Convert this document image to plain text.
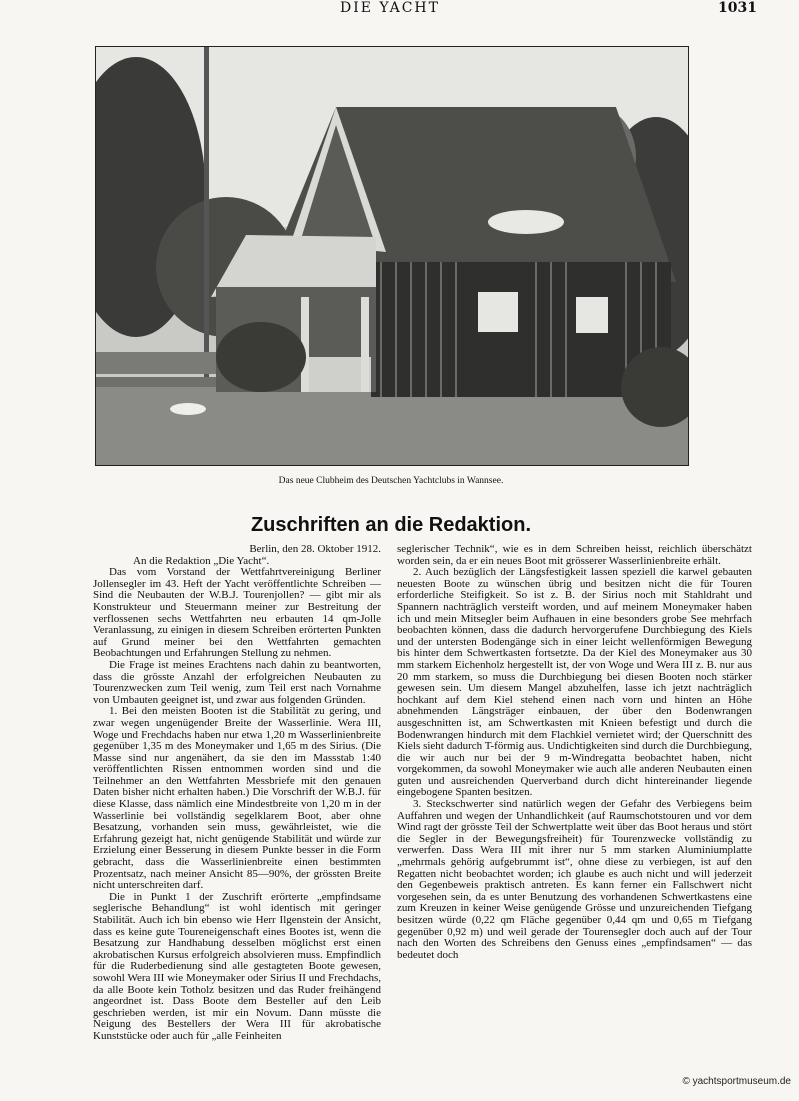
DIE YACHT	1031
Das neue Clubheim des Deutschen Yachtclubs in Wannsee.
Zuschriften an die Redaktion.

Berlin, den 28. Oktober 1912.

An die Redaktion „Die Yacht“.

Das vom Vorstand der Wettfahrtvereinigung Berliner Jollensegler im 43. Heft der Yacht veröffentlichte Schreiben — Sind die Neubauten der W.B.J. Tourenjollen? — gibt mir als Konstrukteur und Steuermann meiner zur Bestreitung der verflossenen sechs Wettfahrten neu erbauten 14 qm-Jolle Veranlassung, zu einigen in diesem Schreiben erörterten Punkten auf Grund meiner bei den Wettfahrten gemachten Beobachtungen und Erfahrungen Stellung zu nehmen.

Die Frage ist meines Erachtens nach dahin zu beantworten, dass die grösste Anzahl der erfolgreichen Neubauten zu Tourenzwecken zum Teil wenig, zum Teil erst nach Vornahme von Umbauten geeignet ist, und zwar aus folgenden Gründen.

1. Bei den meisten Booten ist die Stabilität zu gering, und zwar wegen ungenügender Breite der Wasserlinie. Wera III, Woge und Frechdachs haben nur etwa 1,20 m Wasserlinienbreite gegenüber 1,35 m des Moneymaker und 1,65 m des Sirius. (Die Masse sind nur angenähert, da sie den im Massstab 1:40 veröffentlichten Rissen entnommen worden sind und die Teilnehmer an den Wettfahrten Messbriefe mit den genauen Daten bisher nicht erhalten haben.) Die Vorschrift der W.B.J. für diese Klasse, dass nämlich eine Mindestbreite von 1,20 m in der Wasserlinie bei vollständig segelklarem Boot, aber ohne Besatzung, vorhanden sein muss, gewährleistet, wie die Erfahrung gezeigt hat, nicht genügende Stabilität und würde zur Erzielung einer Besserung in diesem Punkte besser in die Form gebracht, dass die Wasserlinienbreite einen bestimmten Prozentsatz, nach meiner Ansicht 85—90%, der grössten Breite nicht unterschreiten darf.

Die in Punkt 1 der Zuschrift erörterte „empfindsame seglerische Behandlung“ ist wohl identisch mit geringer Stabilität. Auch ich bin ebenso wie Herr Ilgenstein der Ansicht, dass es keine gute Toureneigenschaft eines Bootes ist, wenn die Besatzung zur Handhabung desselben möglichst erst einen akrobatischen Kursus erfolgreich absolvieren muss. Empfindlich für die Ruderbedienung sind alle gestagteten Boote gewesen, sowohl Wera III wie Moneymaker oder Sirius II und Frechdachs, da alle Boote kein Totholz besitzen und das Ruder freihängend angeordnet ist. Dass Boote dem Besteller auf den Leib geschrieben werden, ist mir ein Novum. Dann müsste die Neigung des Bestellers der Wera III für akrobatische Kunststücke oder auch für „alle Feinheiten

seglerischer Technik“, wie es in dem Schreiben heisst, reichlich überschätzt worden sein, da er ein neues Boot mit grösserer Wasserlinienbreite erhält.

2. Auch bezüglich der Längsfestigkeit lassen speziell die karwel gebauten neuesten Boote zu wünschen übrig und besitzen nicht die für Touren erforderliche Steifigkeit. So ist z. B. der Sirius noch mit Stahldraht und Spannern nachträglich versteift worden, und auf meinem Moneymaker haben ich und mein Mitsegler beim Aufhauen in eine besonders grobe See mehrfach beobachten können, dass die dadurch hervorgerufene Durchbiegung des Kiels und der untersten Bodengänge sich in einer leicht wellenförmigen Bewegung bis hinter dem Schwertkasten fortsetzte. Da der Kiel des Moneymaker aus 30 mm starkem Eichenholz hergestellt ist, der von Woge und Wera III z. B. nur aus 20 mm starkem, so muss die Durchbiegung bei diesen Booten noch stärker gewesen sein. Um diesem Mangel abzuhelfen, lasse ich jetzt nachträglich hochkant auf dem Kiel stehend einen nach vorn und hinten an Höhe abnehmenden Längsträger einbauen, der über den Bodenwrangen ausgeschnitten ist, am Schwertkasten mit Knieen befestigt und durch die Bodenwrangen hindurch mit dem Flachkiel vernietet wird; der Querschnitt des Kiels sieht dadurch T-förmig aus. Undichtigkeiten sind durch die Durchbiegung, die wir auch nur bei der 9 m-Windregatta beobachtet haben, nicht vorgekommen, da sowohl Moneymaker wie auch alle anderen Neubauten einen guten und ausreichenden Querverband durch dicht hintereinander liegende eingebogene Spanten besitzen.

3. Steckschwerter sind natürlich wegen der Gefahr des Verbiegens beim Auffahren und wegen der Unhandlichkeit (auf Raumschotstouren und vor dem Wind ragt der grösste Teil der Schwertplatte weit über das Boot heraus und stört die Segler in der Bewegungsfreiheit) für Tourenzwecke vollständig zu verwerfen. Dass Wera III mit ihrer nur 5 mm starken Aluminiumplatte „mehrmals gehörig aufgebrummt ist“, ohne diese zu verbiegen, ist auf den Regatten nicht beobachtet worden; ich glaube es auch nicht und will jederzeit den Gegenbeweis praktisch antreten. Es kann ferner ein Fallschwert nicht vorgesehen sein, da es unter Benutzung des vorhandenen Schwertkastens eine zum Kreuzen in keiner Weise genügende Grösse und unzureichenden Tiefgang besitzen würde (0,22 qm Fläche gegenüber 0,44 qm und 0,65 m Tiefgang gegenüber 0,92 m) und weil gerade der Tourensegler doch auch auf der Tour nach den Worten des Schreibens den Genuss eines „empfindsamen“ — das bedeutet doch

© yachtsportmuseum.de
